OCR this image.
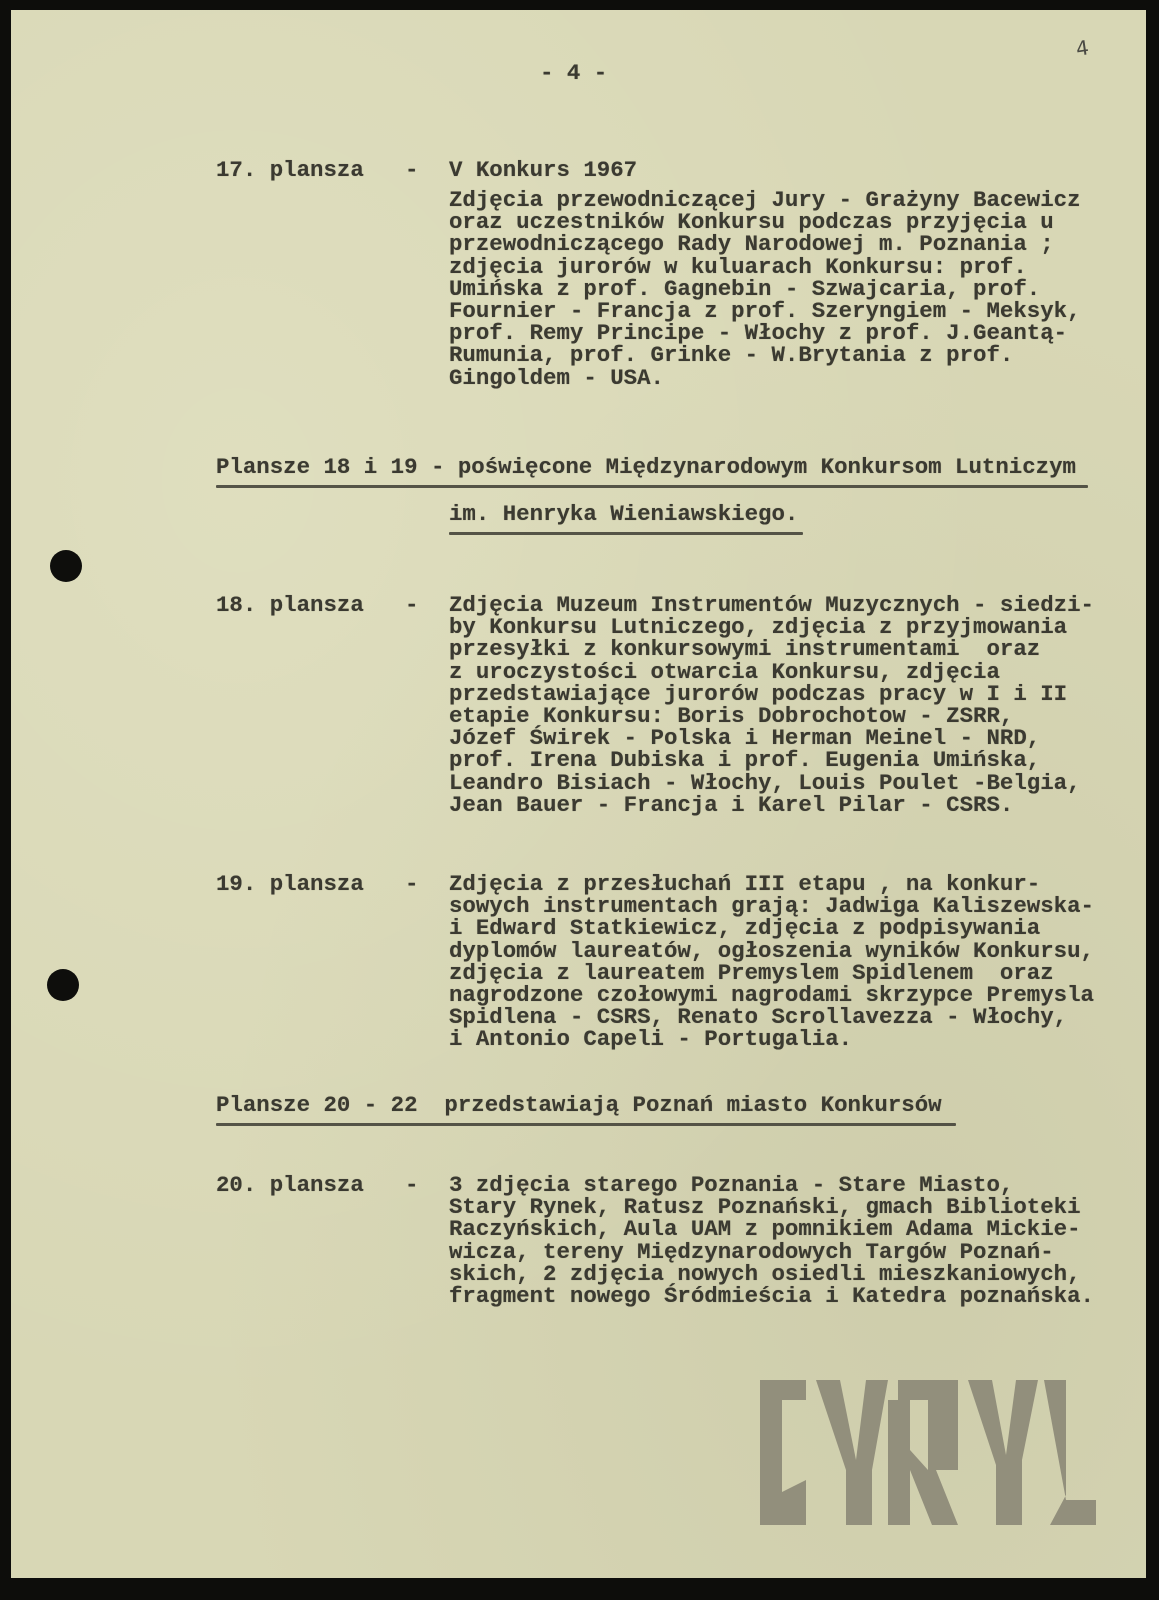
4
- 4 -
17. plansza - V Konkurs 1967
Zdjęcia przewodniczącej Jury - Grażyny Bacewicz
oraz uczestników Konkursu podczas przyjęcia u
przewodniczącego Rady Narodowej m. Poznania ;
zdjęcia jurorów w kuluarach Konkursu: prof.
Umińska z prof. Gagnebin - Szwajcaria, prof.
Fournier - Francja z prof. Szeryngiem - Meksyk,
prof. Remy Principe - Włochy z prof. J.Geantą-
Rumunia, prof. Grinke - W.Brytania z prof.
Gingoldem - USA.
Plansze 18 i 19 - poświęcone Międzynarodowym Konkursom Lutniczym
im. Henryka Wieniawskiego.
18. plansza - Zdjęcia Muzeum Instrumentów Muzycznych - siedzi-
by Konkursu Lutniczego, zdjęcia z przyjmowania
przesyłki z konkursowymi instrumentami  oraz
z uroczystości otwarcia Konkursu, zdjęcia
przedstawiające jurorów podczas pracy w I i II
etapie Konkursu: Boris Dobrochotow - ZSRR,
Józef Świrek - Polska i Herman Meinel - NRD,
prof. Irena Dubiska i prof. Eugenia Umińska,
Leandro Bisiach - Włochy, Louis Poulet -Belgia,
Jean Bauer - Francja i Karel Pilar - CSRS.
19. plansza - Zdjęcia z przesłuchań III etapu , na konkur-
sowych instrumentach grają: Jadwiga Kaliszewska-
i Edward Statkiewicz, zdjęcia z podpisywania
dyplomów laureatów, ogłoszenia wyników Konkursu,
zdjęcia z laureatem Premyslem Spidlenem  oraz
nagrodzone czołowymi nagrodami skrzypce Premysla
Spidlena - CSRS, Renato Scrollavezza - Włochy,
i Antonio Capeli - Portugalia.
Plansze 20 - 22  przedstawiają Poznań miasto Konkursów
20. plansza - 3 zdjęcia starego Poznania - Stare Miasto,
Stary Rynek, Ratusz Poznański, gmach Biblioteki
Raczyńskich, Aula UAM z pomnikiem Adama Mickie-
wicza, tereny Międzynarodowych Targów Poznań-
skich, 2 zdjęcia nowych osiedli mieszkaniowych,
fragment nowego Śródmieścia i Katedra poznańska.
